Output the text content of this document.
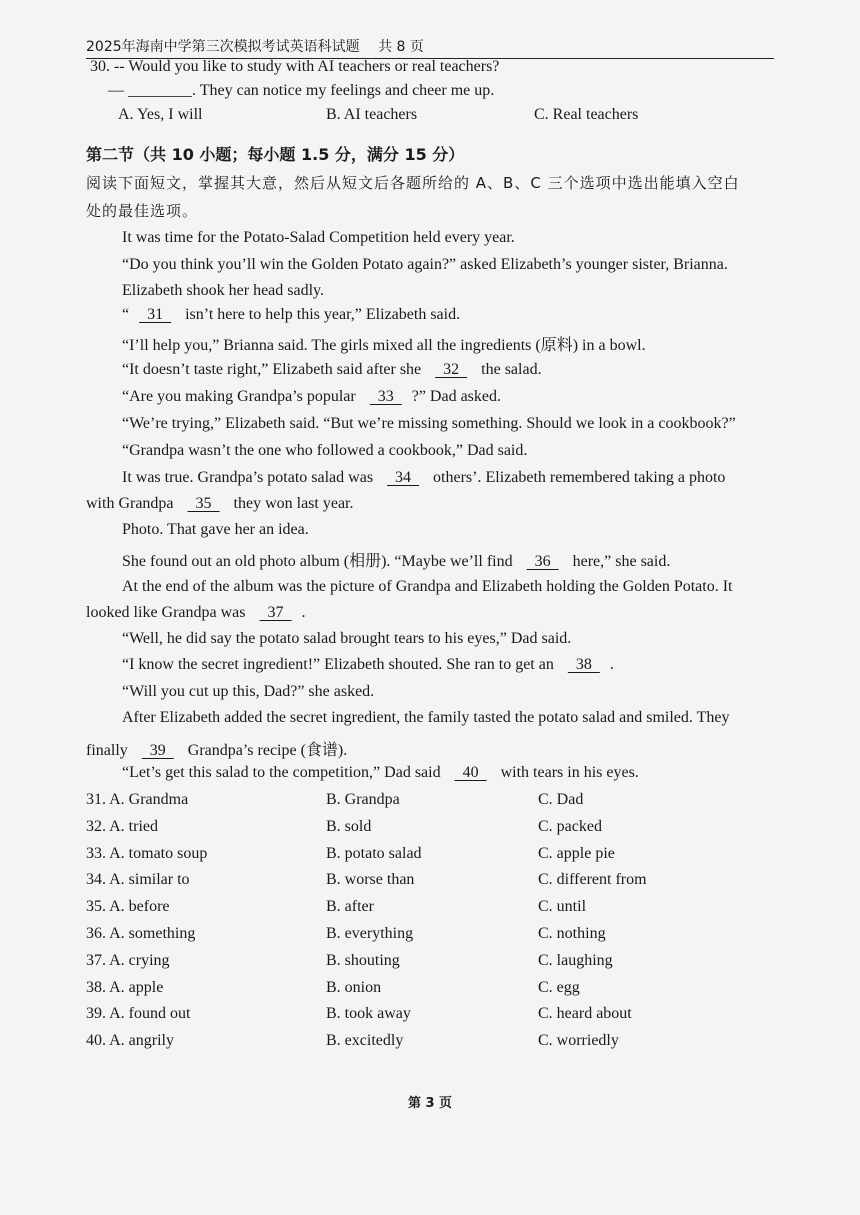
2025年海南中学第三次模拟考试英语科试题 共 8 页
30. -- Would you like to study with AI teachers or real teachers?
— ________. They can notice my feelings and cheer me up.
A. Yes, I will	B. AI teachers	C. Real teachers
第二节（共 10 小题；每小题 1.5 分，满分 15 分）
阅读下面短文，掌握其大意，然后从短文后各题所给的 A、B、C 三个选项中选出能填入空白
处的最佳选项。
It was time for the Potato-Salad Competition held every year.
“Do you think you’ll win the Golden Potato again?” asked Elizabeth’s younger sister, Brianna.
Elizabeth shook her head sadly.
“  31   isn’t here to help this year,” Elizabeth said.
“I’ll help you,” Brianna said. The girls mixed all the ingredients (原料) in a bowl.
“It doesn’t taste right,” Elizabeth said after she   32   the salad.
“Are you making Grandpa’s popular   33  ?” Dad asked.
“We’re trying,” Elizabeth said. “But we’re missing something. Should we look in a cookbook?”
“Grandpa wasn’t the one who followed a cookbook,” Dad said.
It was true. Grandpa’s potato salad was   34   others’. Elizabeth remembered taking a photo
with Grandpa   35   they won last year.
Photo. That gave her an idea.
She found out an old photo album (相册). “Maybe we’ll find   36   here,” she said.
At the end of the album was the picture of Grandpa and Elizabeth holding the Golden Potato. It
looked like Grandpa was   37  .
“Well, he did say the potato salad brought tears to his eyes,” Dad said.
“I know the secret ingredient!” Elizabeth shouted. She ran to get an   38  .
“Will you cut up this, Dad?” she asked.
After Elizabeth added the secret ingredient, the family tasted the potato salad and smiled. They
finally   39   Grandpa’s recipe (食谱).
“Let’s get this salad to the competition,” Dad said   40   with tears in his eyes.
31. A. Grandma	B. Grandpa	C. Dad
32. A. tried	B. sold	C. packed
33. A. tomato soup	B. potato salad	C. apple pie
34. A. similar to	B. worse than	C. different from
35. A. before	B. after	C. until
36. A. something	B. everything	C. nothing
37. A. crying	B. shouting	C. laughing
38. A. apple	B. onion	C. egg
39. A. found out	B. took away	C. heard about
40. A. angrily	B. excitedly	C. worriedly
第 3 页
